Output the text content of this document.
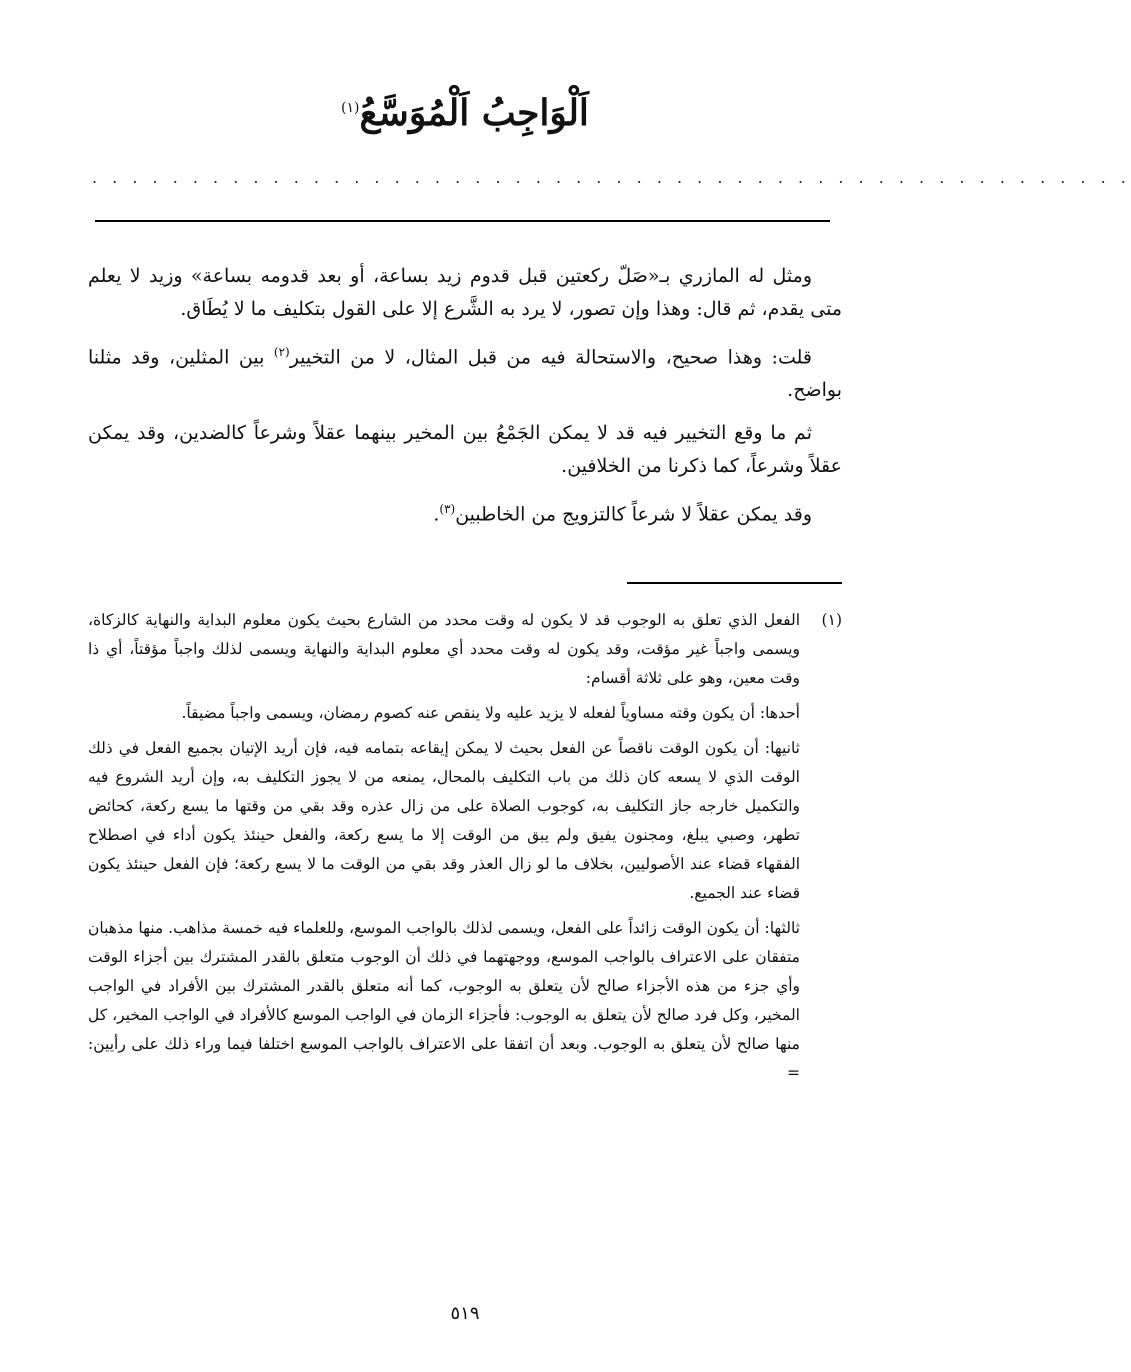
اَلْوَاجِبُ اَلْمُوَسَّعُ$^{(١)}$
. . . . . . . . . . . . . . . . . . . . . . . . . . . . . . . . . . . . . . . . . . . . . . . . . . . .

ومثل له المازري بـ«صَلّ ركعتين قبل قدوم زيد بساعة، أو بعد قدومه بساعة» وزيد لا يعلم متى يقدم، ثم قال: وهذا وإن تصور، لا يرد به الشَّرع إلا على القول بتكليف ما لا يُطَاق.

قلت: وهذا صحيح، والاستحالة فيه من قبل المثال، لا من التخيير$^{(٢)}$ بين المثلين، وقد مثلنا بواضح.

ثم ما وقع التخيير فيه قد لا يمكن الجَمْعُ بين المخير بينهما عقلاً وشرعاً كالضدين، وقد يمكن عقلاً وشرعاً، كما ذكرنا من الخلافين.

وقد يمكن عقلاً لا شرعاً كالتزويج من الخاطبين$^{(٣)}$.

(١)

الفعل الذي تعلق به الوجوب قد لا يكون له وقت محدد من الشارع بحيث يكون معلوم البداية والنهاية كالزكاة، ويسمى واجباً غير مؤقت، وقد يكون له وقت محدد أي معلوم البداية والنهاية ويسمى لذلك واجباً مؤقتاً، أي ذا وقت معين، وهو على ثلاثة أقسام:

أحدها: أن يكون وقته مساوياً لفعله لا يزيد عليه ولا ينقص عنه كصوم رمضان، ويسمى واجباً مضيقاً.

ثانيها: أن يكون الوقت ناقصاً عن الفعل بحيث لا يمكن إيقاعه بتمامه فيه، فإن أريد الإتيان بجميع الفعل في ذلك الوقت الذي لا يسعه كان ذلك من باب التكليف بالمحال، يمنعه من لا يجوز التكليف به، وإن أريد الشروع فيه والتكميل خارجه جاز التكليف به، كوجوب الصلاة على من زال عذره وقد بقي من وقتها ما يسع ركعة، كحائض تطهر، وصبي يبلغ، ومجنون يفيق ولم يبق من الوقت إلا ما يسع ركعة، والفعل حينئذ يكون أداء في اصطلاح الفقهاء قضاء عند الأصوليين، بخلاف ما لو زال العذر وقد بقي من الوقت ما لا يسع ركعة؛ فإن الفعل حينئذ يكون قضاء عند الجميع.

ثالثها: أن يكون الوقت زائداً على الفعل، ويسمى لذلك بالواجب الموسع، وللعلماء فيه خمسة مذاهب. منها مذهبان متفقان على الاعتراف بالواجب الموسع، ووجهتهما في ذلك أن الوجوب متعلق بالقدر المشترك بين أجزاء الوقت وأي جزء من هذه الأجزاء صالح لأن يتعلق به الوجوب، كما أنه متعلق بالقدر المشترك بين الأفراد في الواجب المخير، وكل فرد صالح لأن يتعلق به الوجوب: فأجزاء الزمان في الواجب الموسع كالأفراد في الواجب المخير، كل منها صالح لأن يتعلق به الوجوب. وبعد أن اتفقا على الاعتراف بالواجب الموسع اختلفا فيما وراء ذلك على رأيين: =

٥١٩
